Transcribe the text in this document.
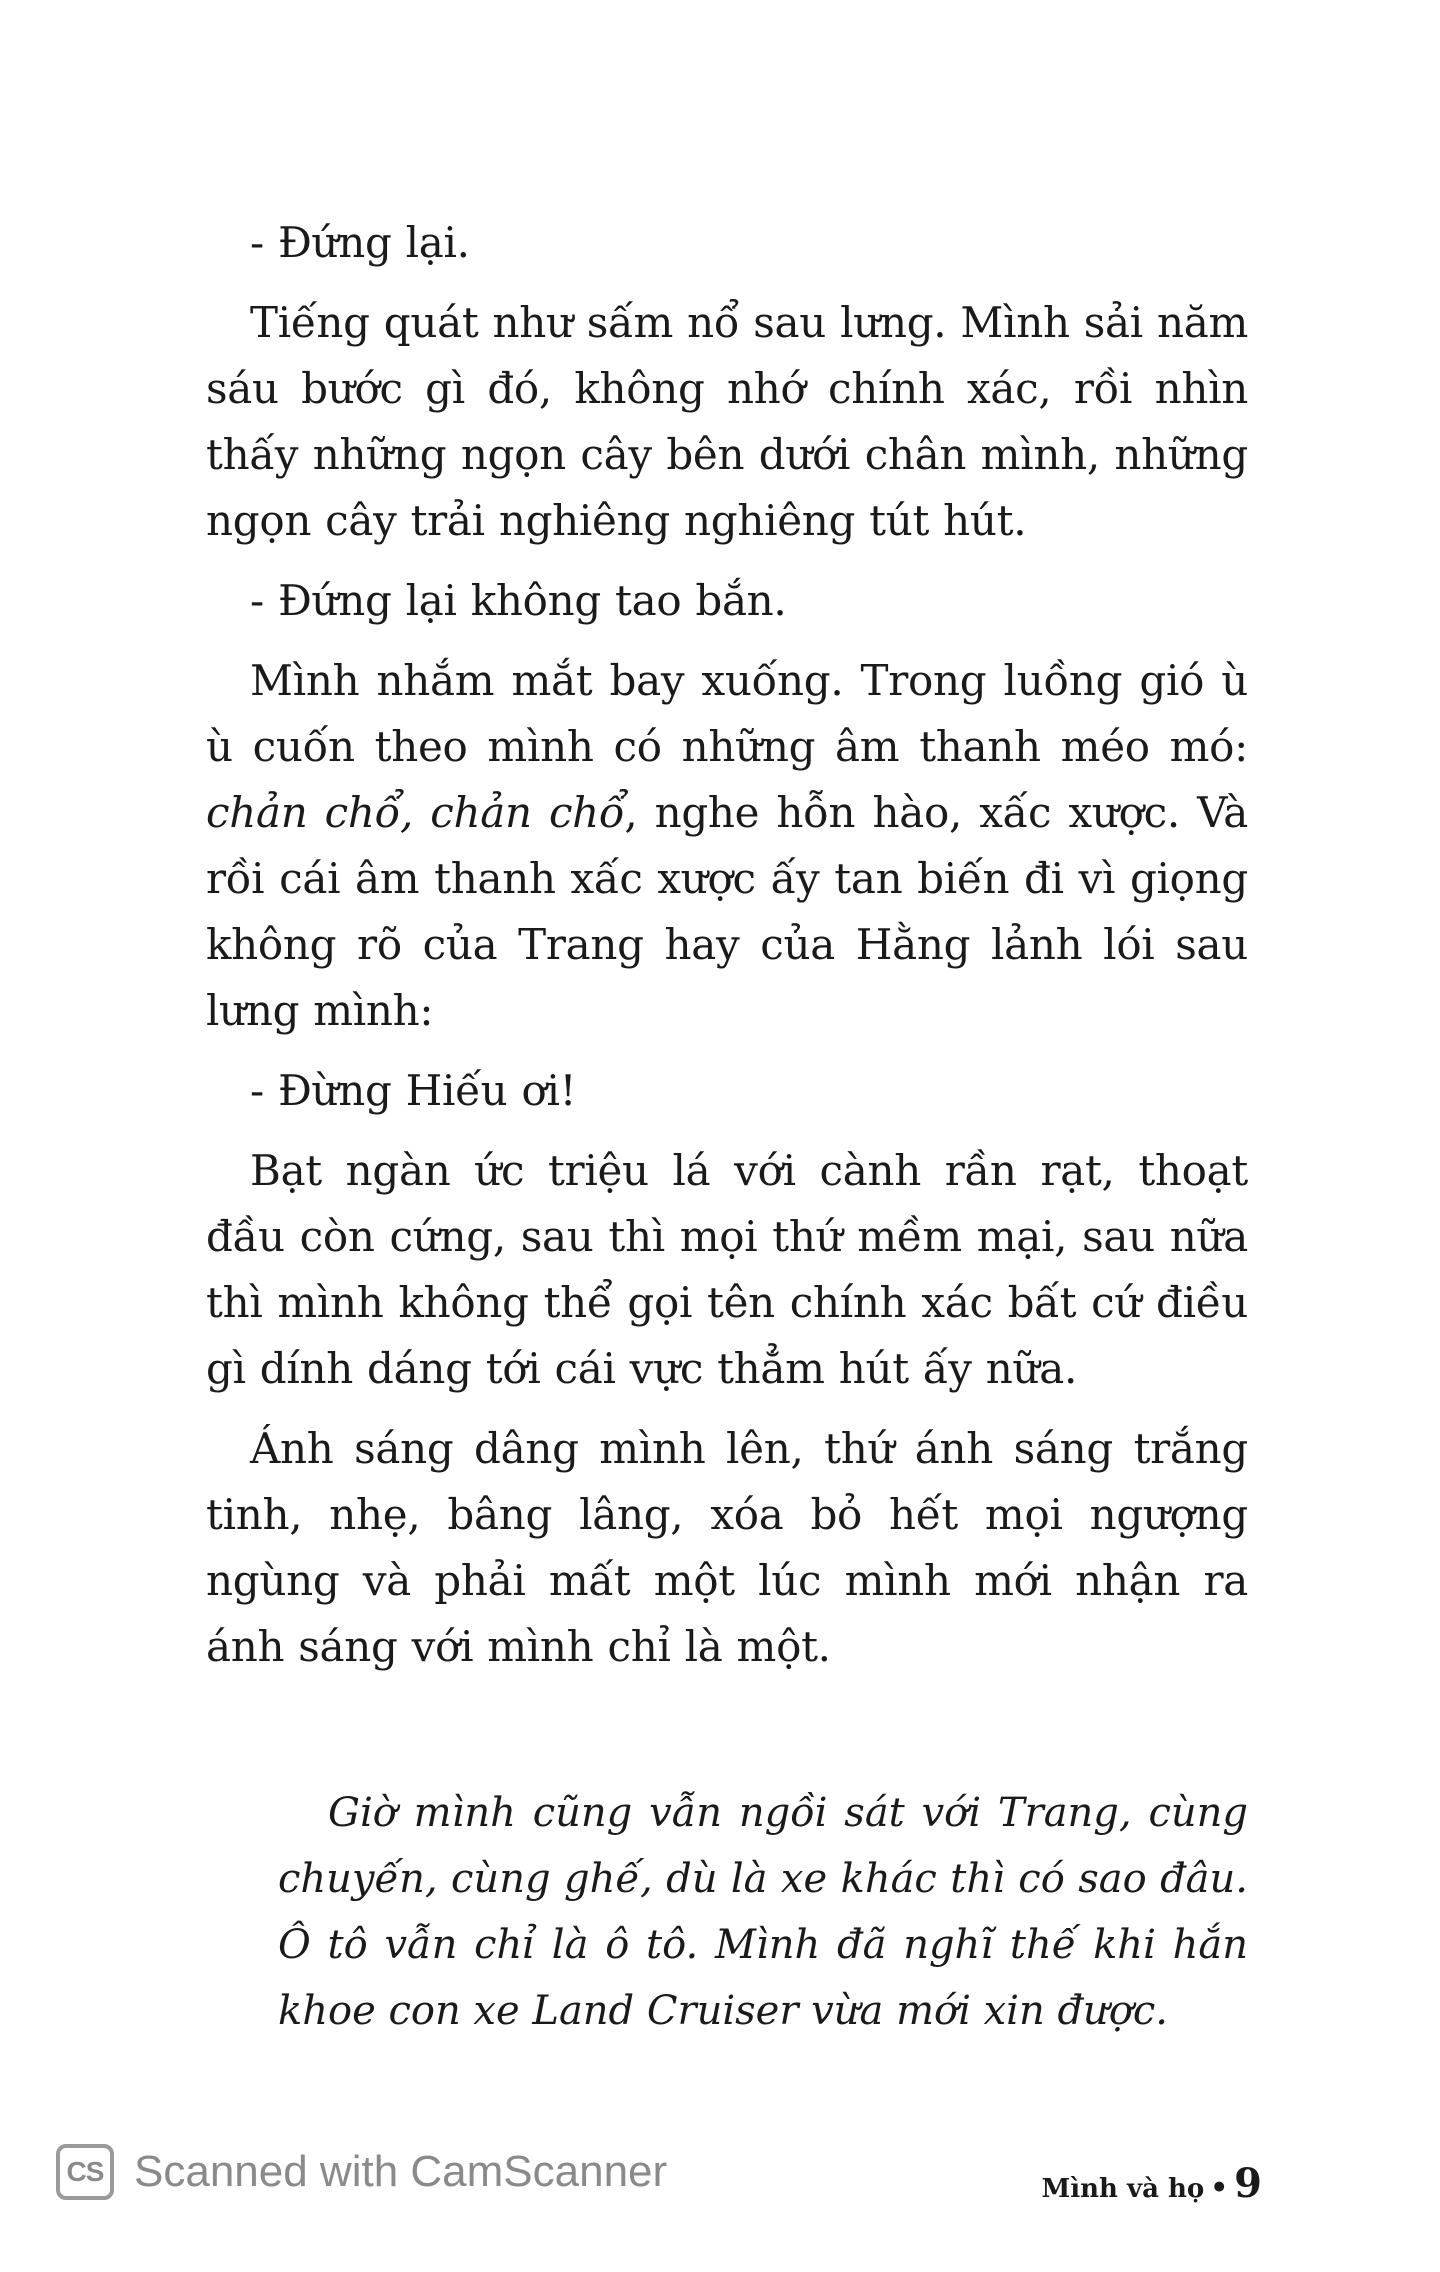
- Đứng lại.

Tiếng quát như sấm nổ sau lưng. Mình sải năm sáu bước gì đó, không nhớ chính xác, rồi nhìn thấy những ngọn cây bên dưới chân mình, những ngọn cây trải nghiêng nghiêng tút hút.

- Đứng lại không tao bắn.

Mình nhắm mắt bay xuống. Trong luồng gió ù ù cuốn theo mình có những âm thanh méo mó: chản chổ, chản chổ, nghe hỗn hào, xấc xược. Và rồi cái âm thanh xấc xược ấy tan biến đi vì giọng không rõ của Trang hay của Hằng lảnh lói sau lưng mình:

- Đừng Hiếu ơi!

Bạt ngàn ức triệu lá với cành rần rạt, thoạt đầu còn cứng, sau thì mọi thứ mềm mại, sau nữa thì mình không thể gọi tên chính xác bất cứ điều gì dính dáng tới cái vực thẳm hút ấy nữa.

Ánh sáng dâng mình lên, thứ ánh sáng trắng tinh, nhẹ, bâng lâng, xóa bỏ hết mọi ngượng ngùng và phải mất một lúc mình mới nhận ra ánh sáng với mình chỉ là một.

Giờ mình cũng vẫn ngồi sát với Trang, cùng chuyến, cùng ghế, dù là xe khác thì có sao đâu. Ô tô vẫn chỉ là ô tô. Mình đã nghĩ thế khi hắn khoe con xe Land Cruiser vừa mới xin được.

CS Scanned with CamScanner	Mình và họ • 9
